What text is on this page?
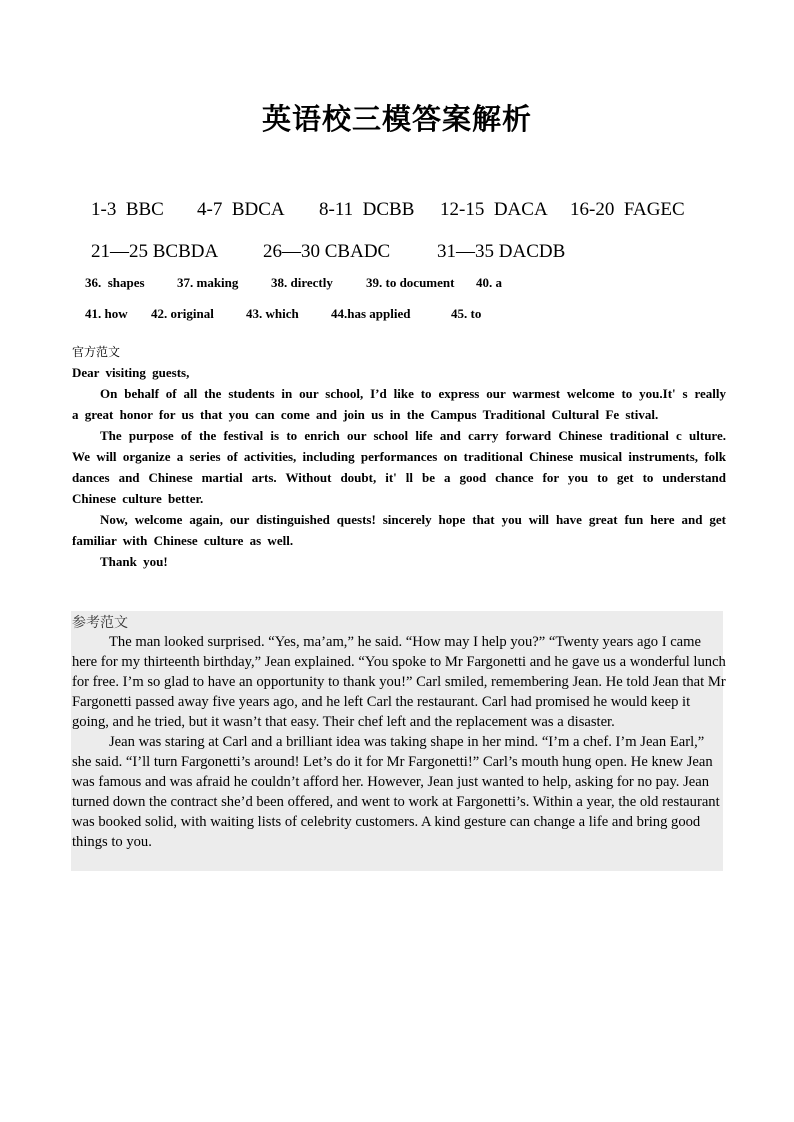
英语校三模答案解析

1-3  BBC 4-7  BDCA 8-11  DCBB 12-15  DACA 16-20  FAGEC

21—25 BCBDA 26—30 CBADC 31—35 DACDB

36.  shapes 37. making	38. directly	39. to document 40. a

41. how 42. original 43. which 44.has applied	45. to

官方范文

Dear visiting guests,

On behalf of all the students in our school, I’d like to express our warmest welcome to you.It' s really a great honor for us that you can come and join us in the Campus Traditional Cultural Fe stival.

The purpose of the festival is to enrich our school life and carry forward Chinese traditional c ulture. We will organize a series of activities, including performances on traditional Chinese musical instruments, folk dances and Chinese martial arts. Without doubt, it' ll be a good chance for you to get to understand Chinese culture better.

Now, welcome again, our distinguished quests! sincerely hope that you will have great fun here and get familiar with Chinese culture as well.

Thank you!

参考范文

The man looked surprised. “Yes, ma’am,” he said. “How may I help you?” “Twenty years ago I came here for my thirteenth birthday,” Jean explained. “You spoke to Mr Fargonetti and he gave us a wonderful lunch for free. I’m so glad to have an opportunity to thank you!” Carl smiled, remembering Jean. He told Jean that Mr Fargonetti passed away five years ago, and he left Carl the restaurant. Carl had promised he would keep it going, and he tried, but it wasn’t that easy. Their chef left and the replacement was a disaster.

Jean was staring at Carl and a brilliant idea was taking shape in her mind. “I’m a chef. I’m Jean Earl,” she said. “I’ll turn Fargonetti’s around! Let’s do it for Mr Fargonetti!” Carl’s mouth hung open. He knew Jean was famous and was afraid he couldn’t afford her. However, Jean just wanted to help, asking for no pay. Jean turned down the contract she’d been offered, and went to work at Fargonetti’s. Within a year, the old restaurant was booked solid, with waiting lists of celebrity customers. A kind gesture can change a life and bring good things to you.
